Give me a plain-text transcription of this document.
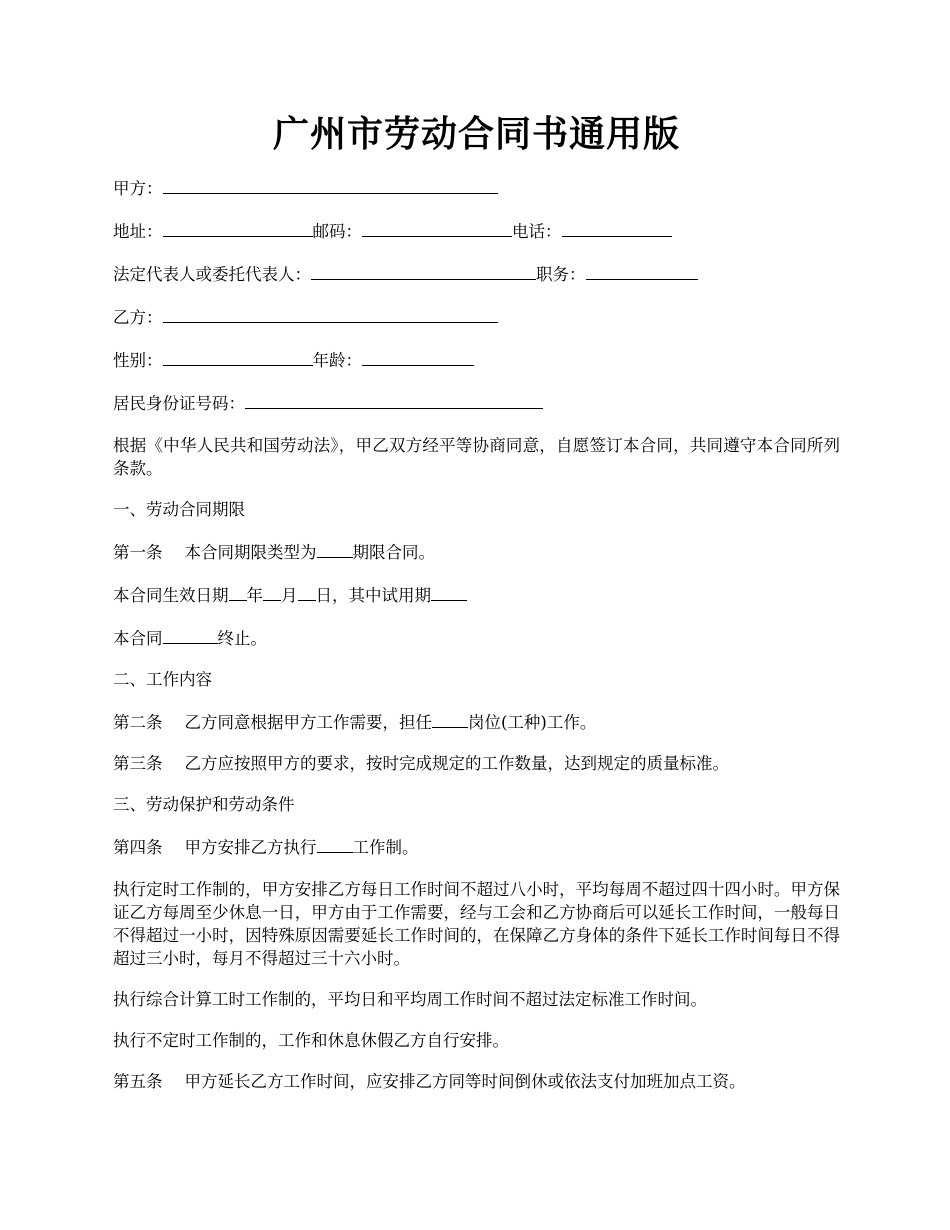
广州市劳动合同书通用版
甲方：
地址：	邮码：	电话：
法定代表人或委托代表人：	职务：
乙方：
性别：	年龄：
居民身份证号码：

根据《中华人民共和国劳动法》，甲乙双方经平等协商同意，自愿签订本合同，共同遵守本合同所列条款。

一、劳动合同期限
第一条 本合同期限类型为 期限合同。
本合同生效日期 年 月 日，其中试用期
本合同	终止。
二、工作内容
第二条 乙方同意根据甲方工作需要，担任 岗位(工种)工作。
第三条 乙方应按照甲方的要求，按时完成规定的工作数量，达到规定的质量标准。
三、劳动保护和劳动条件
第四条 甲方安排乙方执行 工作制。

执行定时工作制的，甲方安排乙方每日工作时间不超过八小时，平均每周不超过四十四小时。甲方保证乙方每周至少休息一日，甲方由于工作需要，经与工会和乙方协商后可以延长工作时间，一般每日不得超过一小时，因特殊原因需要延长工作时间的，在保障乙方身体的条件下延长工作时间每日不得超过三小时，每月不得超过三十六小时。

执行综合计算工时工作制的，平均日和平均周工作时间不超过法定标准工作时间。
执行不定时工作制的，工作和休息休假乙方自行安排。
第五条 甲方延长乙方工作时间，应安排乙方同等时间倒休或依法支付加班加点工资。
